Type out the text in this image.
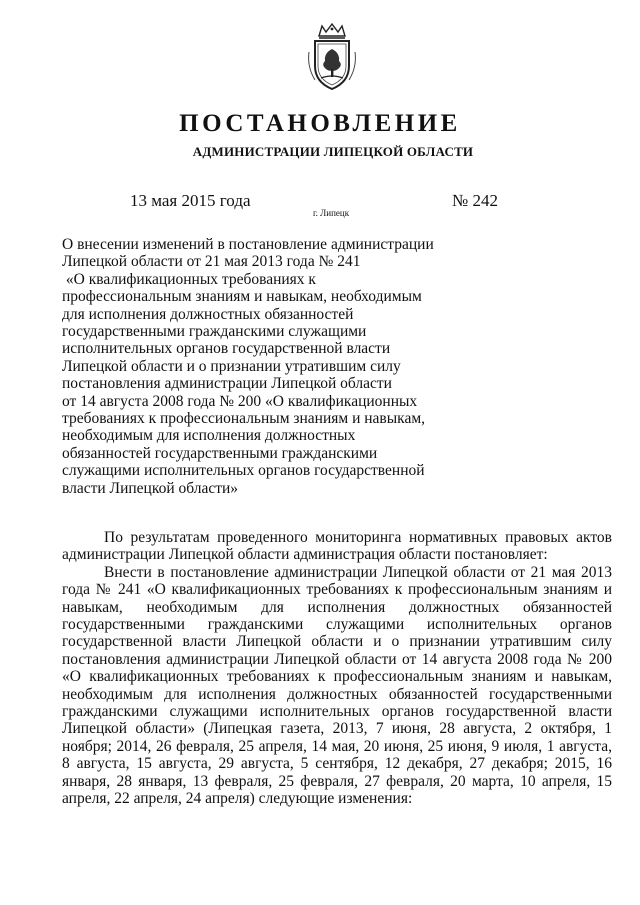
ПОСТАНОВЛЕНИЕ
АДМИНИСТРАЦИИ ЛИПЕЦКОЙ ОБЛАСТИ
13 мая 2015 года
г. Липецк
№ 242
О внесении изменений в постановление администрации
Липецкой области от 21 мая 2013 года № 241
«О квалификационных требованиях к
профессиональным знаниям и навыкам, необходимым
для исполнения должностных обязанностей
государственными гражданскими служащими
исполнительных органов государственной власти
Липецкой области и о признании утратившим силу
постановления администрации Липецкой области
от 14 августа 2008 года № 200 «О квалификационных
требованиях к профессиональным знаниям и навыкам,
необходимым для исполнения должностных
обязанностей государственными гражданскими
служащими исполнительных органов государственной
власти Липецкой области»

По результатам проведенного мониторинга нормативных правовых актов администрации Липецкой области администрация области постановляет:

Внести в постановление администрации Липецкой области от 21 мая 2013 года № 241 «О квалификационных требованиях к профессиональным знаниям и навыкам, необходимым для исполнения должностных обязанностей государственными гражданскими служащими исполнительных органов государственной власти Липецкой области и о признании утратившим силу постановления администрации Липецкой области от 14 августа 2008 года № 200 «О квалификационных требованиях к профессиональным знаниям и навыкам, необходимым для исполнения должностных обязанностей государственными гражданскими служащими исполнительных органов государственной власти Липецкой области» (Липецкая газета, 2013, 7 июня, 28 августа, 2 октября, 1 ноября; 2014, 26 февраля, 25 апреля, 14 мая, 20 июня, 25 июня, 9 июля, 1 августа, 8 августа, 15 августа, 29 августа, 5 сентября, 12 декабря, 27 декабря; 2015, 16 января, 28 января, 13 февраля, 25 февраля, 27 февраля, 20 марта, 10 апреля, 15 апреля, 22 апреля, 24 апреля) следующие изменения:
